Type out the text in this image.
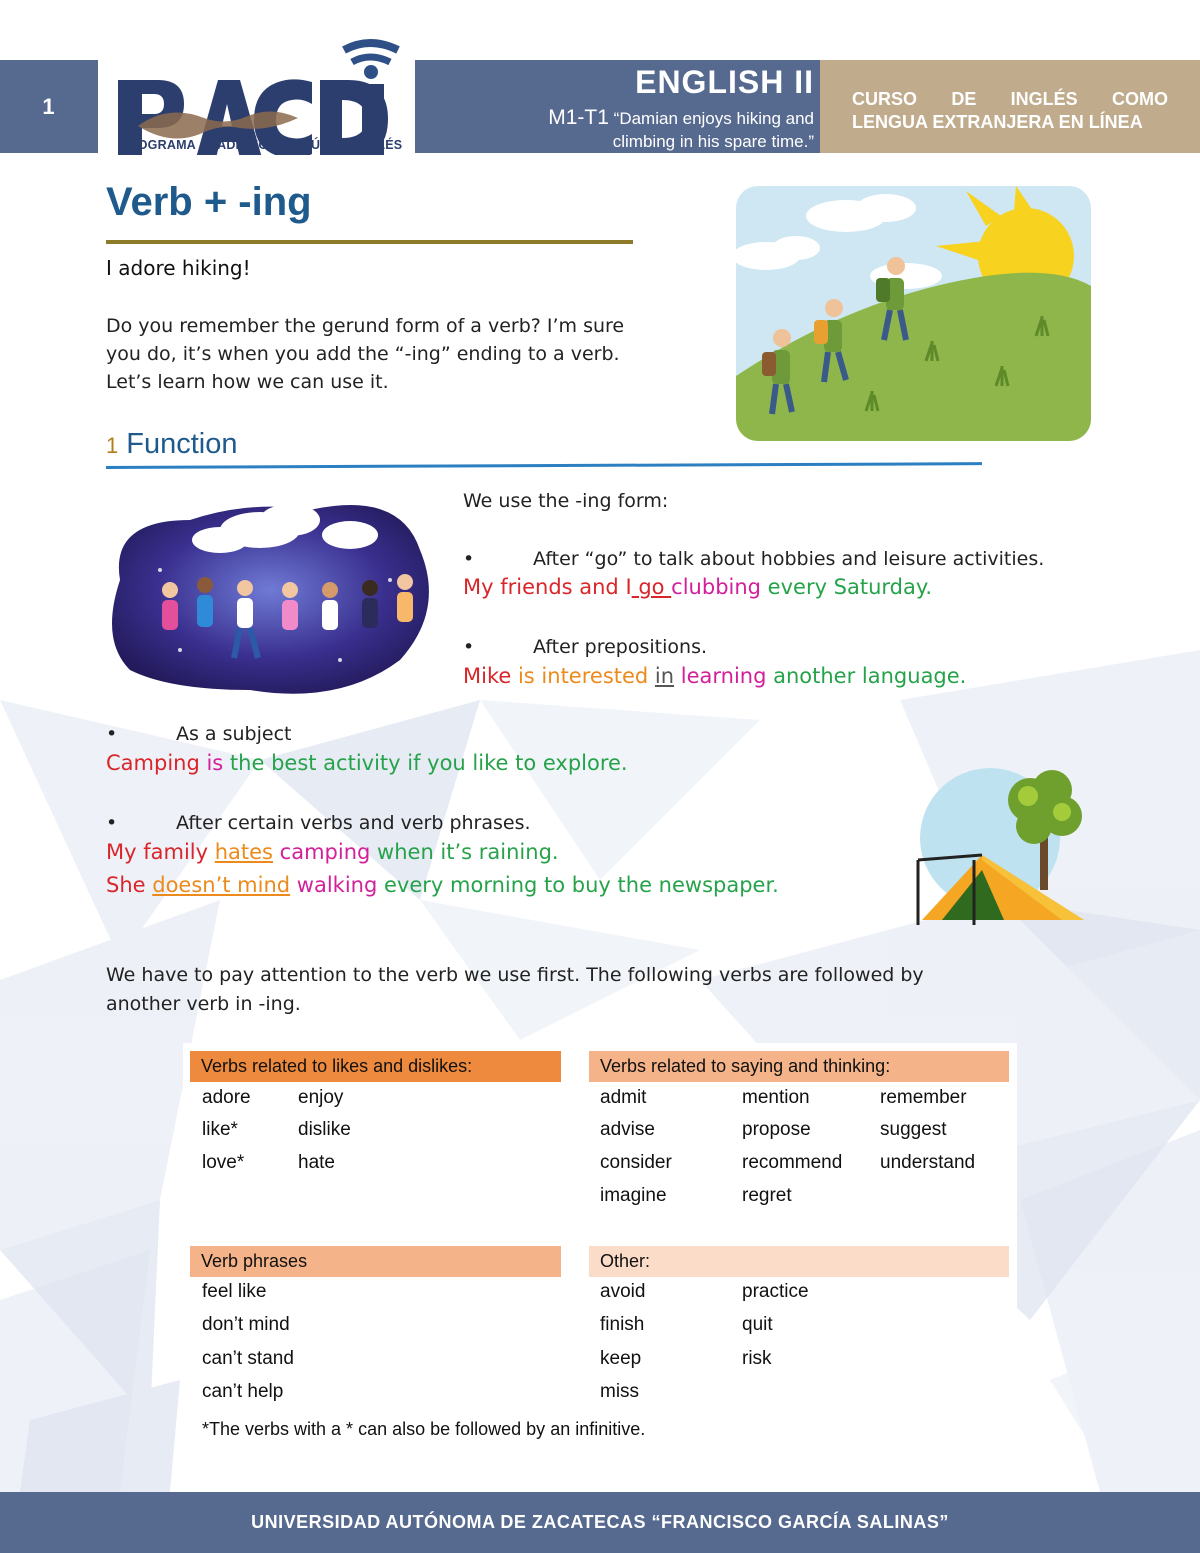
1
PROGRAMA ACADÉMICO COMÚN DE INGLÉS
ENGLISH II
M1-T1 “Damian enjoys hiking and
climbing in his spare time.”
CURSO DE INGLÉS COMO
LENGUA EXTRANJERA EN LÍNEA
Verb + -ing
I adore hiking!
Do you remember the gerund form of a verb? I’m sure
you do, it’s when you add the “-ing” ending to a verb.
Let’s learn how we can use it.
1 Function
We use the -ing form:
•	After “go” to talk about hobbies and leisure activities.
My friends and I go clubbing every Saturday.
•	After prepositions.
Mike is interested in learning another language.
•	As a subject
Camping is the best activity if you like to explore.
•	After certain verbs and verb phrases.
My family hates camping when it’s raining.
She doesn’t mind walking every morning to buy the newspaper.
We have to pay attention to the verb we use first. The following verbs are followed by
another verb in -ing.
Verbs related to likes and dislikes:	Verbs related to saying and thinking:
adore enjoy
like*	dislike
love*	hate
admit	mention	remember
advise	propose	suggest
consider	recommend understand
imagine	regret
Verb phrases	Other:
feel like
don’t mind
can’t stand
can’t help
avoid	practice
finish	quit
keep	risk
miss
*The verbs with a * can also be followed by an infinitive.
UNIVERSIDAD AUTÓNOMA DE ZACATECAS “FRANCISCO GARCÍA SALINAS”
